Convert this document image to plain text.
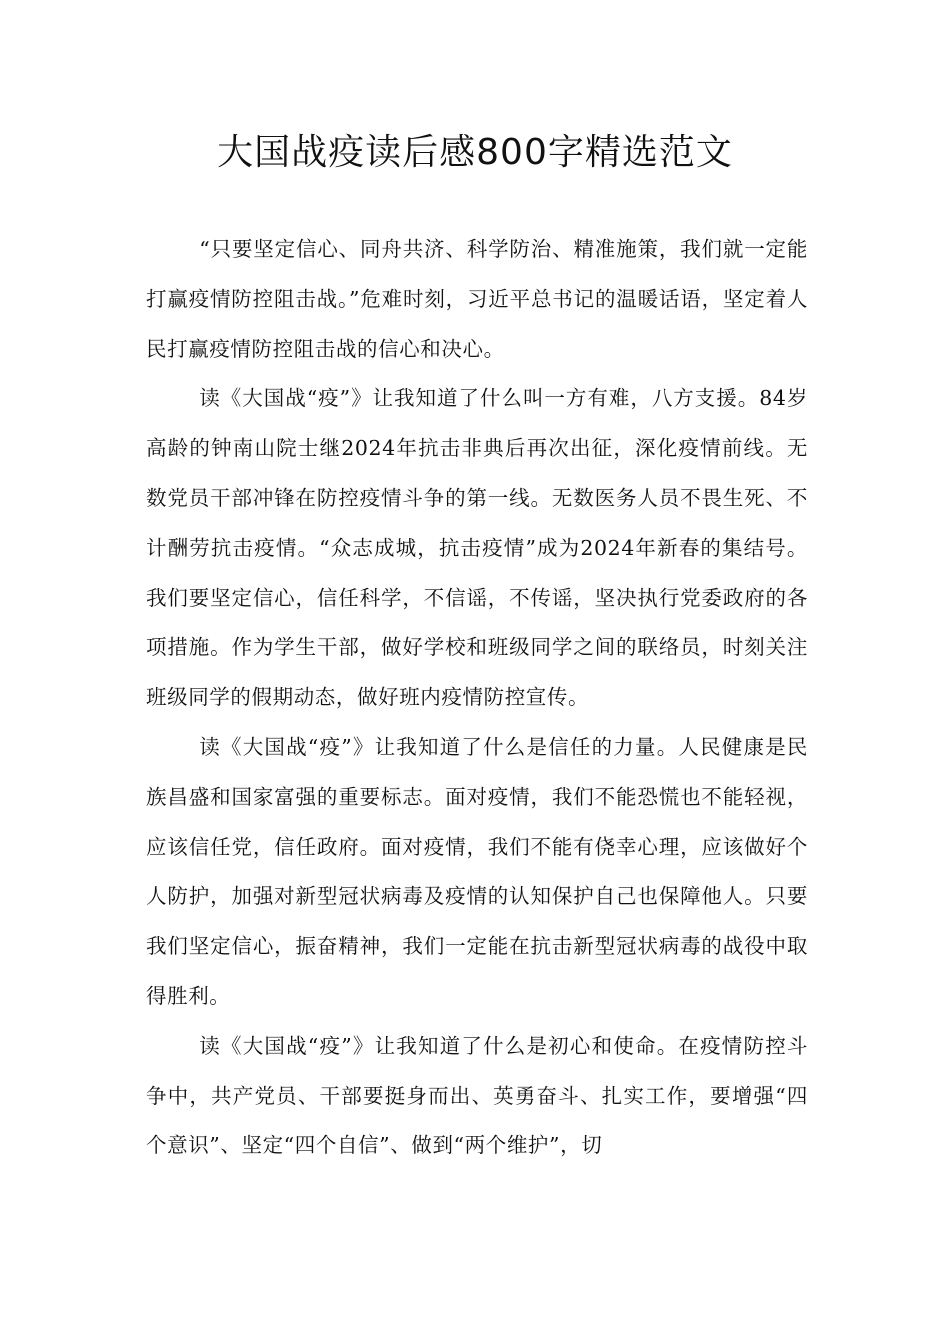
大国战疫读后感800字精选范文

“只要坚定信心、同舟共济、科学防治、精准施策，我们就一定能打赢疫情防控阻击战。”危难时刻，习近平总书记的温暖话语，坚定着人民打赢疫情防控阻击战的信心和决心。

读《大国战“疫”》让我知道了什么叫一方有难，八方支援。84岁高龄的钟南山院士继2024年抗击非典后再次出征，深化疫情前线。无数党员干部冲锋在防控疫情斗争的第一线。无数医务人员不畏生死、不计酬劳抗击疫情。“众志成城，抗击疫情”成为2024年新春的集结号。我们要坚定信心，信任科学，不信谣，不传谣，坚决执行党委政府的各项措施。作为学生干部，做好学校和班级同学之间的联络员，时刻关注班级同学的假期动态，做好班内疫情防控宣传。

读《大国战“疫”》让我知道了什么是信任的力量。人民健康是民族昌盛和国家富强的重要标志。面对疫情，我们不能恐慌也不能轻视，应该信任党，信任政府。面对疫情，我们不能有侥幸心理，应该做好个人防护，加强对新型冠状病毒及疫情的认知保护自己也保障他人。只要我们坚定信心，振奋精神，我们一定能在抗击新型冠状病毒的战役中取得胜利。

读《大国战“疫”》让我知道了什么是初心和使命。在疫情防控斗争中，共产党员、干部要挺身而出、英勇奋斗、扎实工作，要增强“四个意识”、坚定“四个自信”、做到“两个维护”，切
